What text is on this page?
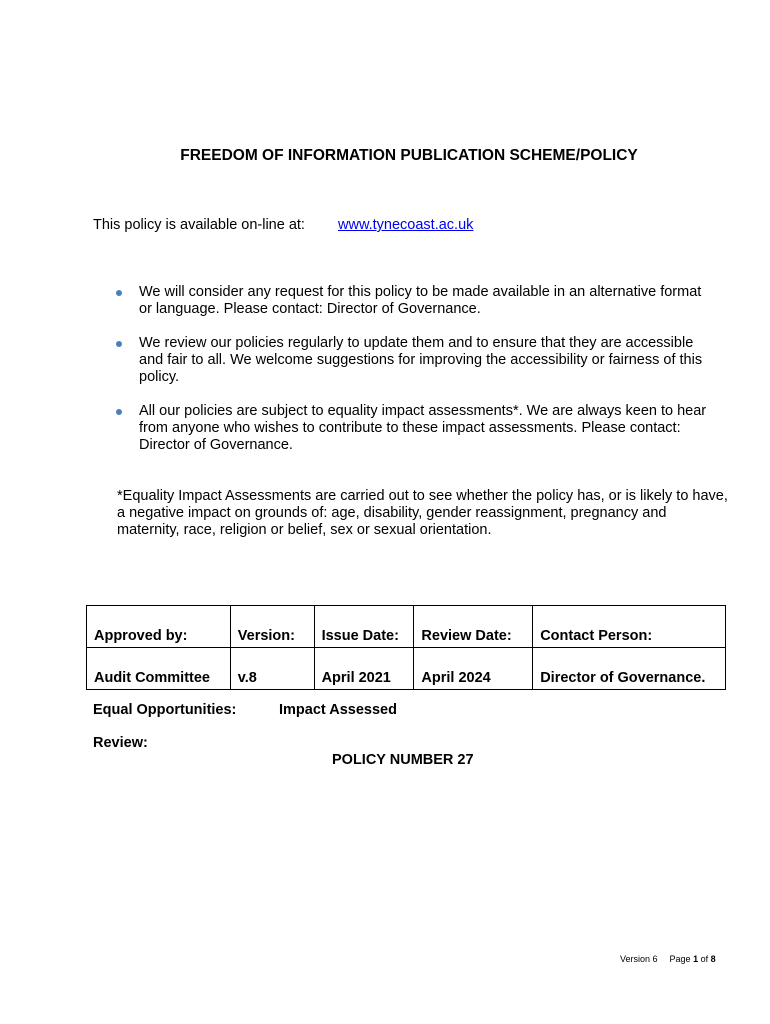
FREEDOM OF INFORMATION PUBLICATION SCHEME/POLICY
This policy is available on-line at: www.tynecoast.ac.uk
We will consider any request for this policy to be made available in an alternative format or language. Please contact: Director of Governance.
We review our policies regularly to update them and to ensure that they are accessible and fair to all. We welcome suggestions for improving the accessibility or fairness of this policy.
All our policies are subject to equality impact assessments*. We are always keen to hear from anyone who wishes to contribute to these impact assessments. Please contact: Director of Governance.
*Equality Impact Assessments are carried out to see whether the policy has, or is likely to have, a negative impact on grounds of: age, disability, gender reassignment, pregnancy and maternity, race, religion or belief, sex or sexual orientation.
Approved by:	Version:	Issue Date:	Review Date:	Contact Person:
Audit Committee	v.8	April 2021	April 2024	Director of Governance.
Equal Opportunities:	Impact Assessed
Review:
POLICY NUMBER 27
Version 6 Page 1 of 8
